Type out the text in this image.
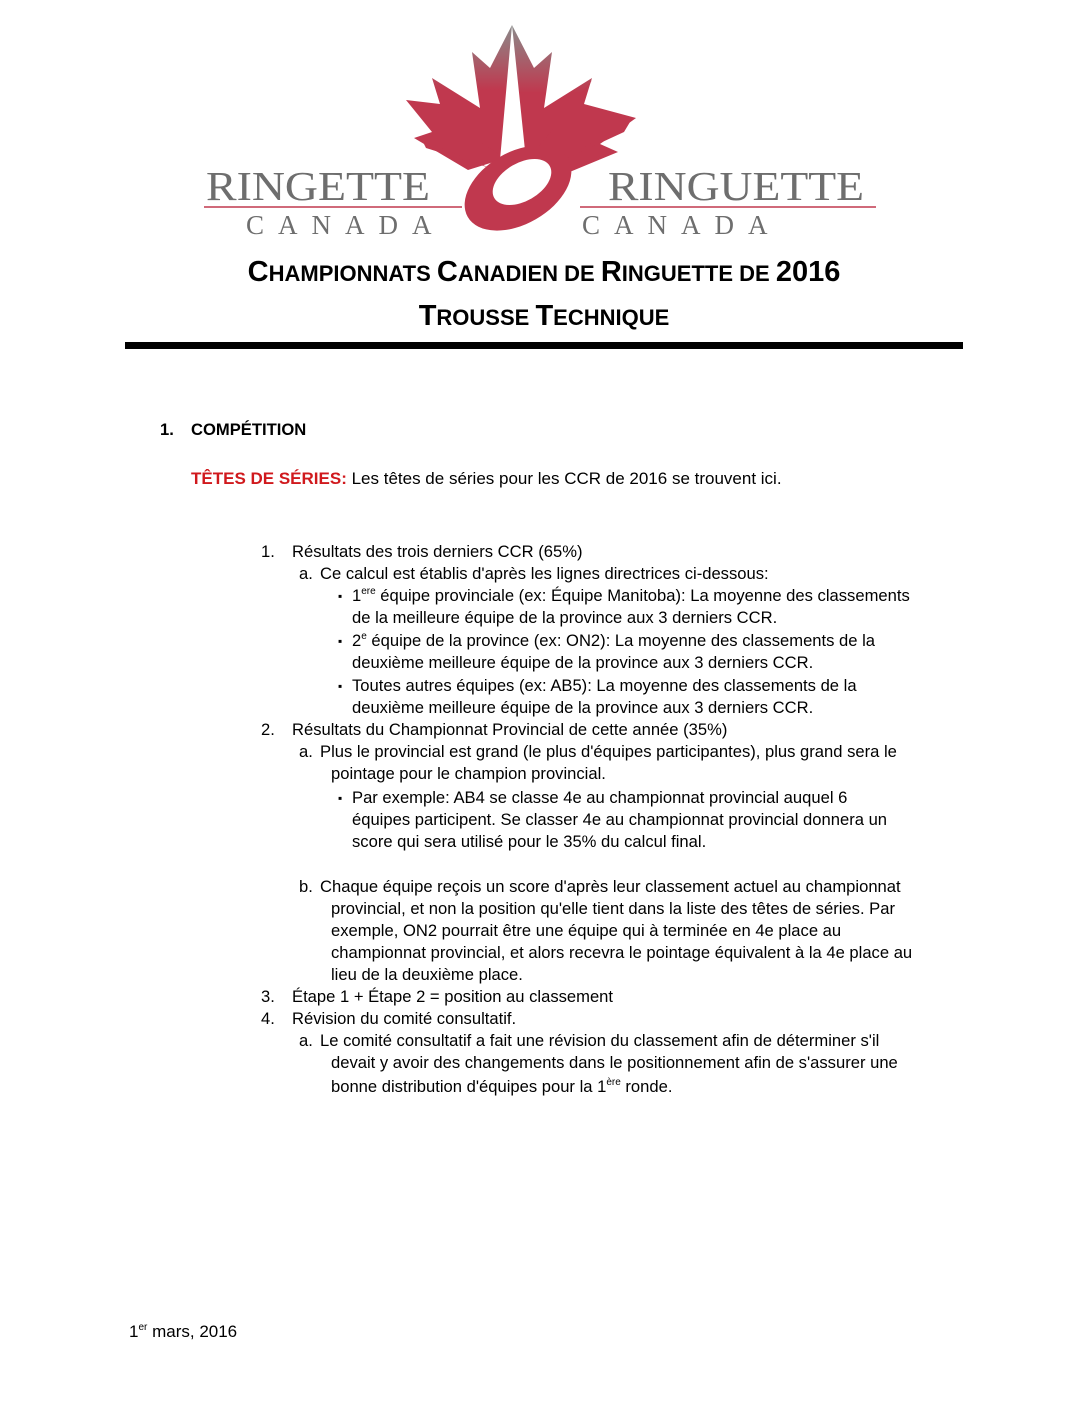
RINGETTE
CANADA
RINGUETTE
CANADA
CHAMPIONNATS CANADIEN DE RINGUETTE DE 2016
TROUSSE TECHNIQUE
1. COMPÉTITION
TÊTES DE SÉRIES: Les têtes de séries pour les CCR de 2016 se trouvent ici.
1. Résultats des trois derniers CCR (65%)
a. Ce calcul est établis d'après les lignes directrices ci-dessous:
▪ 1ere équipe provinciale (ex: Équipe Manitoba): La moyenne des classements
de la meilleure équipe de la province aux 3 derniers CCR.
▪ 2e équipe de la province (ex: ON2): La moyenne des classements de la
deuxième meilleure équipe de la province aux 3 derniers CCR.
▪ Toutes autres équipes (ex: AB5): La moyenne des classements de la
deuxième meilleure équipe de la province aux 3 derniers CCR.
2. Résultats du Championnat Provincial de cette année (35%)
a. Plus le provincial est grand (le plus d'équipes participantes), plus grand sera le
pointage pour le champion provincial.
▪ Par exemple: AB4 se classe 4e au championnat provincial auquel 6
équipes participent. Se classer 4e au championnat provincial donnera un
score qui sera utilisé pour le 35% du calcul final.
b. Chaque équipe reçois un score d'après leur classement actuel au championnat
provincial, et non la position qu'elle tient dans la liste des têtes de séries. Par
exemple, ON2 pourrait être une équipe qui à terminée en 4e place au
championnat provincial, et alors recevra le pointage équivalent à la 4e place au
lieu de la deuxième place.
3. Étape 1 + Étape 2 = position au classement
4. Révision du comité consultatif.
a. Le comité consultatif a fait une révision du classement afin de déterminer s'il
devait y avoir des changements dans le positionnement afin de s'assurer une
bonne distribution d'équipes pour la 1ère ronde.
1er mars, 2016
